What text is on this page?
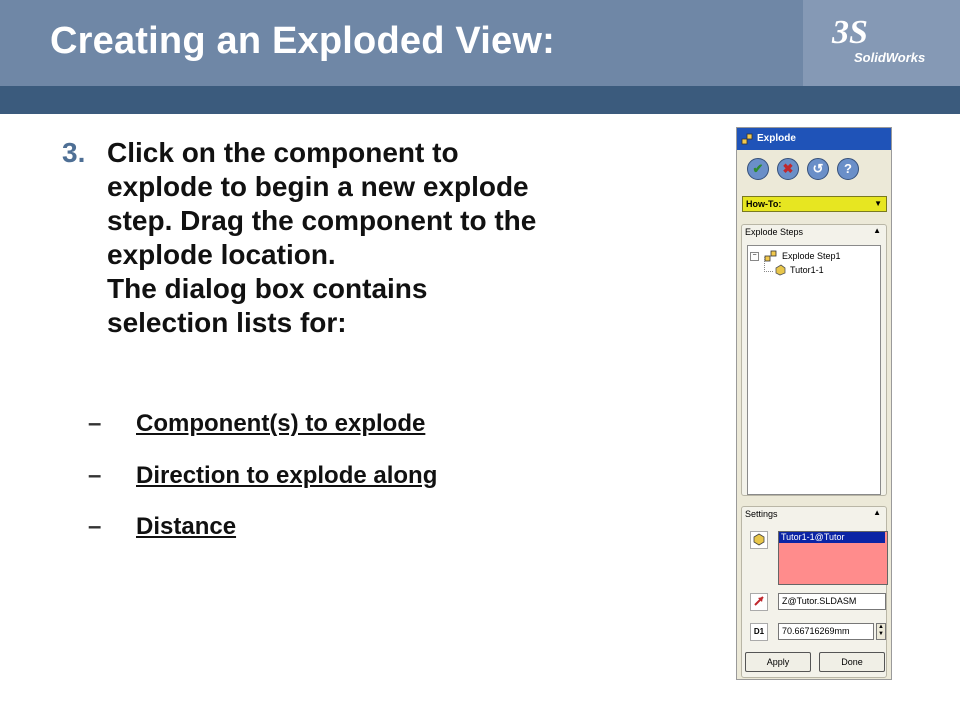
3S
SolidWorks
Creating an Exploded View:
3. Click on the component to
explode to begin a new explode
step. Drag the component to the
explode location.
The dialog box contains
selection lists for:
– Component(s) to explode
– Direction to explode along
– Distance
Explode
✔	✖	↺	?
How-To:	▼
Explode Steps	▲
−	Explode Step1
Tutor1-1
Settings	▲
Tutor1-1@Tutor
Z@Tutor.SLDASM
D1	70.66716269mm	▲
▼
Apply	Done
